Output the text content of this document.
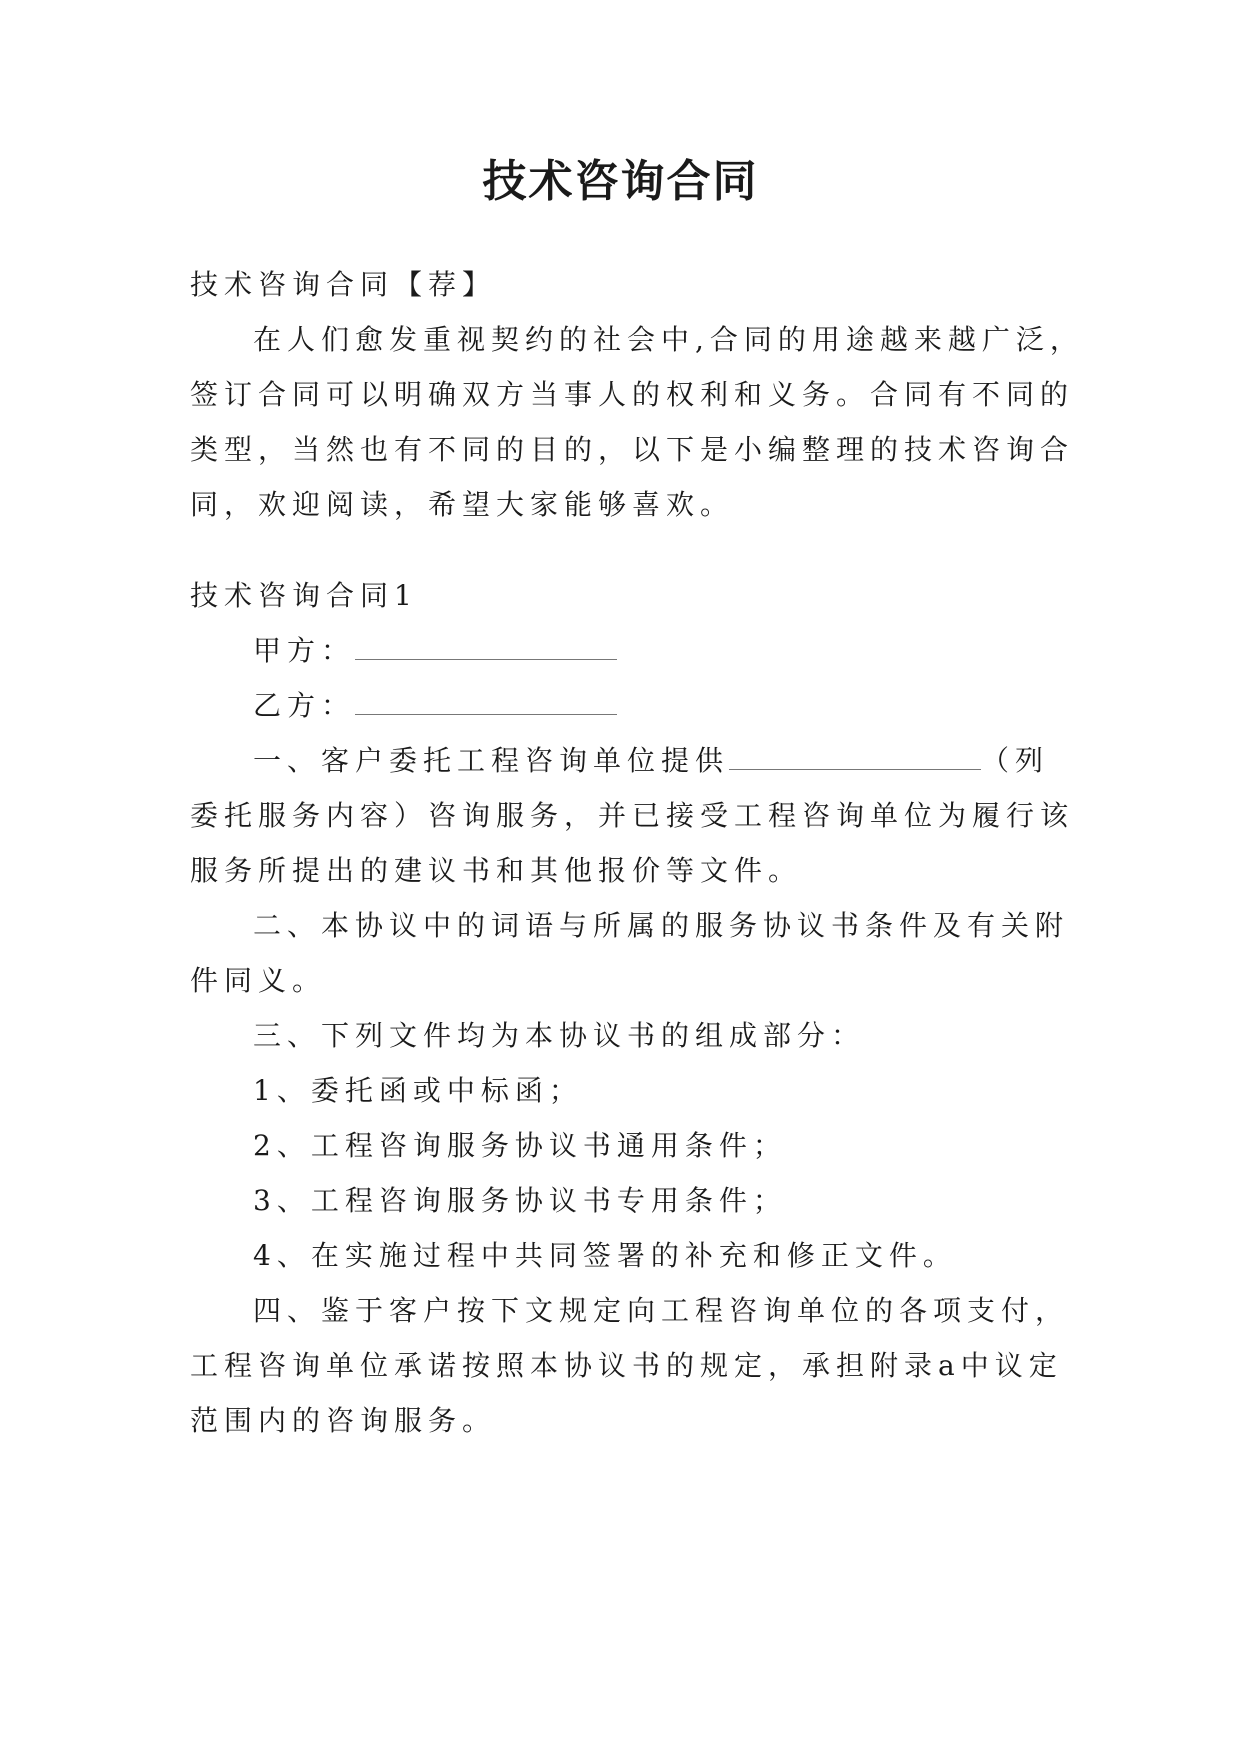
技术咨询合同
技术咨询合同【荐】
在人们愈发重视契约的社会中,合同的用途越来越广泛，
签订合同可以明确双方当事人的权利和义务。合同有不同的
类型，当然也有不同的目的，以下是小编整理的技术咨询合
同，欢迎阅读，希望大家能够喜欢。
技术咨询合同1
甲方：
乙方：
一、客户委托工程咨询单位提供	（列
委托服务内容）咨询服务，并已接受工程咨询单位为履行该
服务所提出的建议书和其他报价等文件。
二、本协议中的词语与所属的服务协议书条件及有关附
件同义。
三、下列文件均为本协议书的组成部分：
1、委托函或中标函；
2、工程咨询服务协议书通用条件；
3、工程咨询服务协议书专用条件；
4、在实施过程中共同签署的补充和修正文件。
四、鉴于客户按下文规定向工程咨询单位的各项支付，
工程咨询单位承诺按照本协议书的规定，承担附录a中议定
范围内的咨询服务。
